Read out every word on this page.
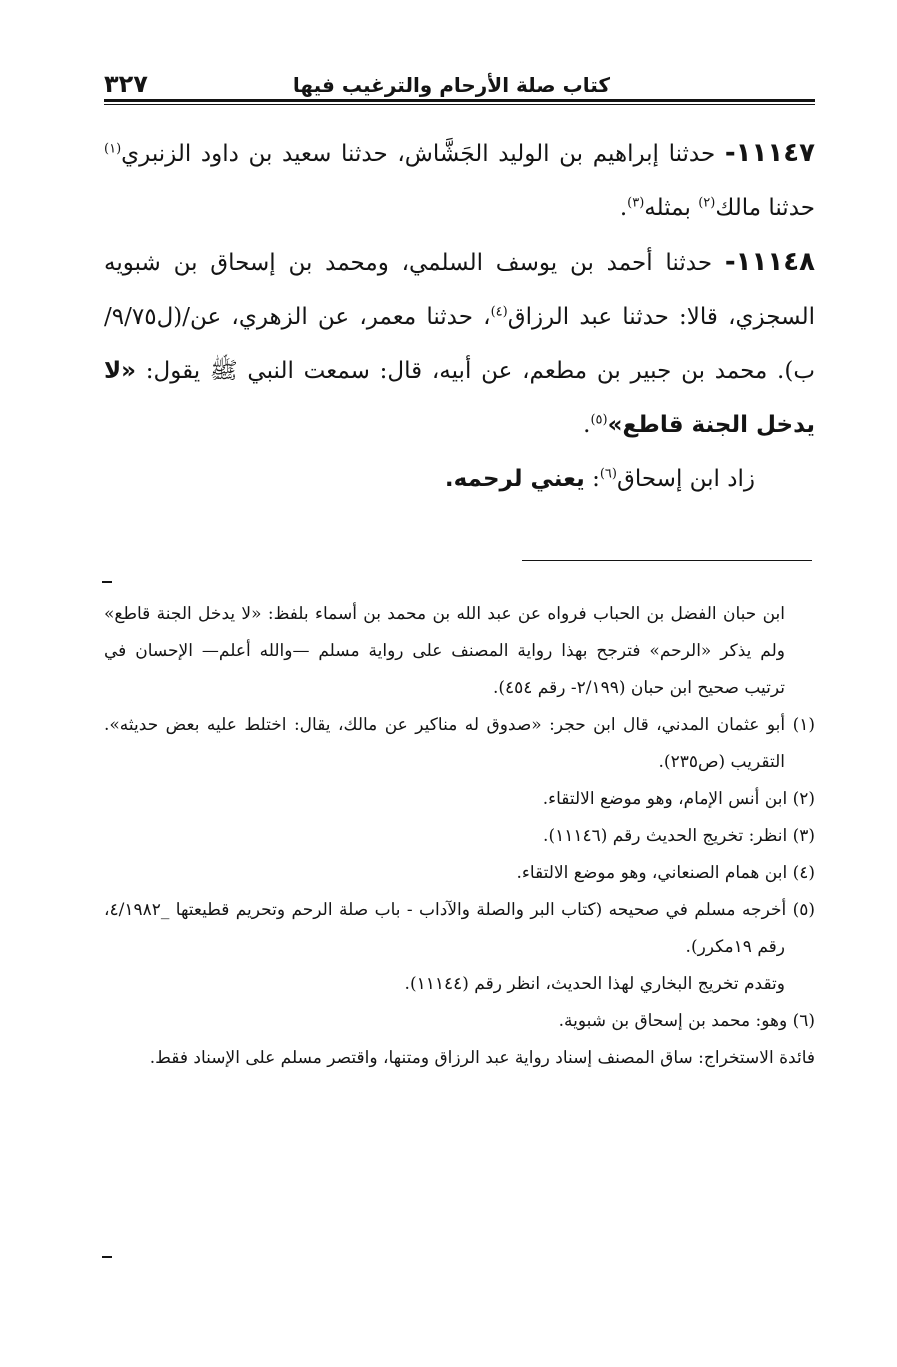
كتاب صلة الأرحام والترغيب فيها
٣٢٧

١١١٤٧- حدثنا إبراهيم بن الوليد الجَشَّاش، حدثنا سعيد بن داود الزنبري$^{(١)}$ حدثنا مالك$^{(٢)}$ بمثله$^{(٣)}$.

١١١٤٨- حدثنا أحمد بن يوسف السلمي، ومحمد بن إسحاق بن شبويه السجزي، قالا: حدثنا عبد الرزاق$^{(٤)}$، حدثنا معمر، عن الزهري، عن/(ل٩/٧٥/ب). محمد بن جبير بن مطعم، عن أبيه، قال: سمعت النبي ﷺ يقول: «لا يدخل الجنة قاطع»$^{(٥)}$.

زاد ابن إسحاق$^{(٦)}$: يعني لرحمه.

ابن حبان الفضل بن الحباب فرواه عن عبد الله بن محمد بن أسماء بلفظ: «لا يدخل الجنة قاطع» ولم يذكر «الرحم» فترجح بهذا رواية المصنف على رواية مسلم —والله أعلم— الإحسان في ترتيب صحيح ابن حبان (٢/١٩٩- رقم ٤٥٤).

(١) أبو عثمان المدني، قال ابن حجر: «صدوق له مناكير عن مالك، يقال: اختلط عليه بعض حديثه». التقريب (ص٢٣٥).

(٢) ابن أنس الإمام، وهو موضع الالتقاء.

(٣) انظر: تخريج الحديث رقم (١١١٤٦).

(٤) ابن همام الصنعاني، وهو موضع الالتقاء.

(٥) أخرجه مسلم في صحيحه (كتاب البر والصلة والآداب - باب صلة الرحم وتحريم قطيعتها _٤/١٩٨٢، رقم ١٩مكرر).

وتقدم تخريج البخاري لهذا الحديث، انظر رقم (١١١٤٤).

(٦) وهو: محمد بن إسحاق بن شبوية.

فائدة الاستخراج: ساق المصنف إسناد رواية عبد الرزاق ومتنها، واقتصر مسلم على الإسناد فقط.
